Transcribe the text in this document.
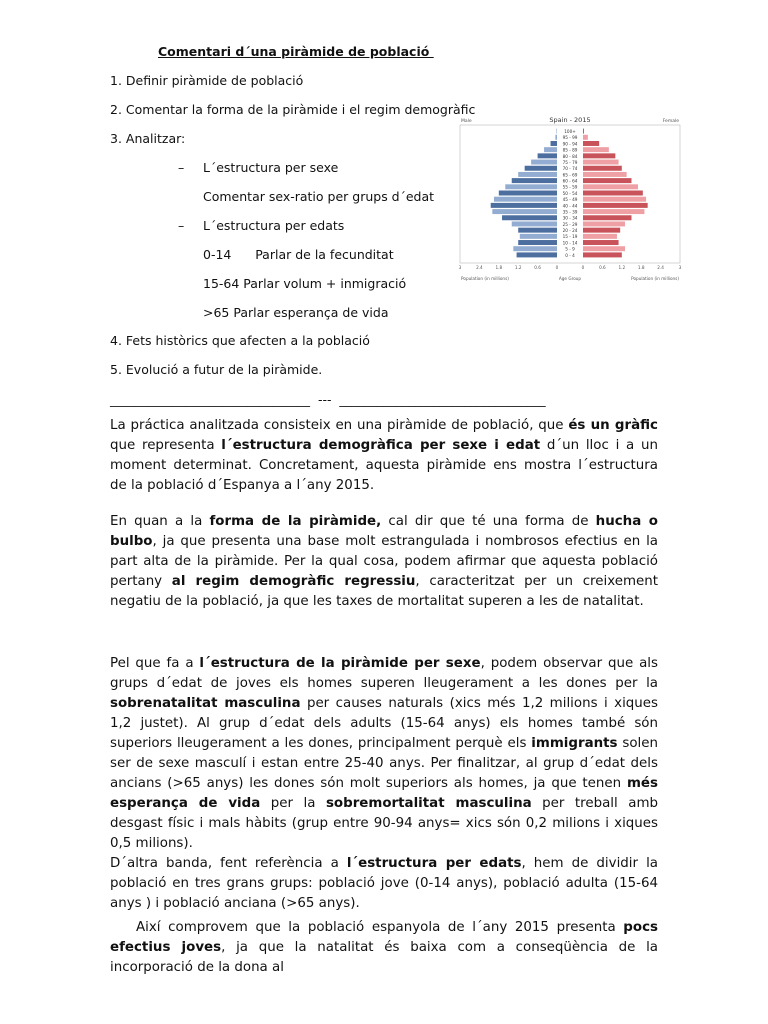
Comentari d´una piràmide de població
1. Definir piràmide de població
2. Comentar la forma de la piràmide i el regim demogràfic
3. Analitzar:
– L´estructura per sexe
Comentar sex-ratio per grups d´edat
– L´estructura per edats
0-14      Parlar de la fecunditat
15-64 Parlar volum + inmigració
>65 Parlar esperança de vida
4. Fets històrics que afecten a la població
5. Evolució a futur de la piràmide.
________________________________  ---  _________________________________
Spain - 2015
Male	Female
100+
95 - 99
90 - 94
85 - 89
80 - 84
75 - 79
70 - 74
65 - 69
60 - 64
55 - 59
50 - 54
45 - 49
40 - 44
35 - 39
30 - 34
25 - 29
20 - 24
15 - 19
10 - 14
5 - 9
0 - 4
3	2.4	1.8	1.2	0.6	0	0	0.6	1.2	1.8	2.4	3
Population (in millions)	Age Group	Population (in millions)

La práctica analitzada consisteix en una piràmide de població, que és un gràfic que representa l´estructura demogràfica per sexe i edat d´un lloc i a un moment determinat. Concretament, aquesta piràmide ens mostra l´estructura de la població d´Espanya a l´any 2015.

En quan a la forma de la piràmide, cal dir que té una forma de hucha o bulbo, ja que presenta una base molt estrangulada i nombrosos efectius en la part alta de la piràmide. Per la qual cosa, podem afirmar que aquesta població pertany al regim demogràfic regressiu, caracteritzat per un creixement negatiu de la població, ja que les taxes de mortalitat superen a les de natalitat.

Pel que fa a l´estructura de la piràmide per sexe, podem observar que als grups d´edat de joves els homes superen lleugerament a les dones per la sobrenatalitat masculina per causes naturals (xics més 1,2 milions i xiques 1,2 justet). Al grup d´edat dels adults (15-64 anys) els homes també són superiors lleugerament a les dones, principalment perquè els immigrants solen ser de sexe masculí i estan entre 25-40 anys. Per finalitzar, al grup d´edat dels ancians (>65 anys) les dones són molt superiors als homes, ja que tenen més esperança de vida per la sobremortalitat masculina per treball amb desgast físic i mals hàbits (grup entre 90-94 anys= xics són 0,2 milions i xiques 0,5 milions).

D´altra banda, fent referència a l´estructura per edats, hem de dividir la població en tres grans grups: població jove (0-14 anys), població adulta (15-64 anys ) i població anciana (>65 anys).

Així comprovem que la població espanyola de l´any 2015 presenta pocs efectius joves, ja que la natalitat és baixa com a conseqüència de la incorporació de la dona al
